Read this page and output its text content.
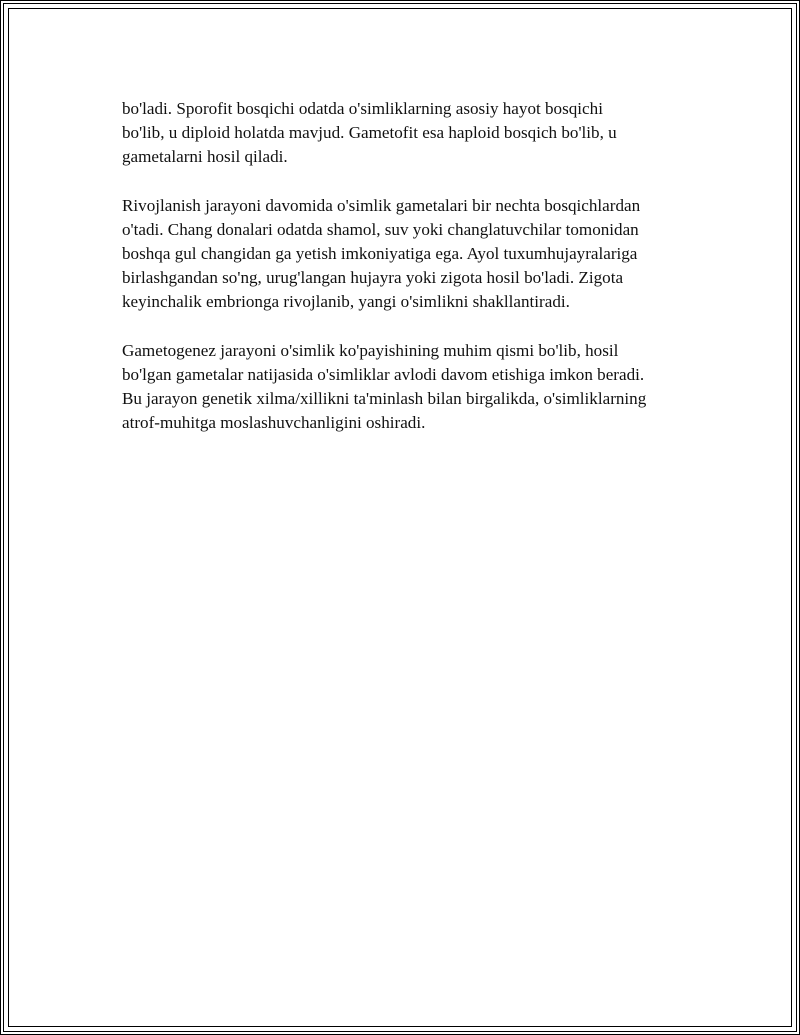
bo'ladi. Sporofit bosqichi odatda o'simliklarning asosiy hayot bosqichi
bo'lib, u diploid holatda mavjud. Gametofit esa haploid bosqich bo'lib, u
gametalarni hosil qiladi.

Rivojlanish jarayoni davomida o'simlik gametalari bir nechta bosqichlardan
o'tadi. Chang donalari odatda shamol, suv yoki changlatuvchilar tomonidan
boshqa gul changidan ga yetish imkoniyatiga ega. Ayol tuxumhujayralariga
birlashgandan so'ng, urug'langan hujayra yoki zigota hosil bo'ladi. Zigota
keyinchalik embrionga rivojlanib, yangi o'simlikni shakllantiradi.

Gametogenez jarayoni o'simlik ko'payishining muhim qismi bo'lib, hosil
bo'lgan gametalar natijasida o'simliklar avlodi davom etishiga imkon beradi.
Bu jarayon genetik xilma/xillikni ta'minlash bilan birgalikda, o'simliklarning
atrof-muhitga moslashuvchanligini oshiradi.
